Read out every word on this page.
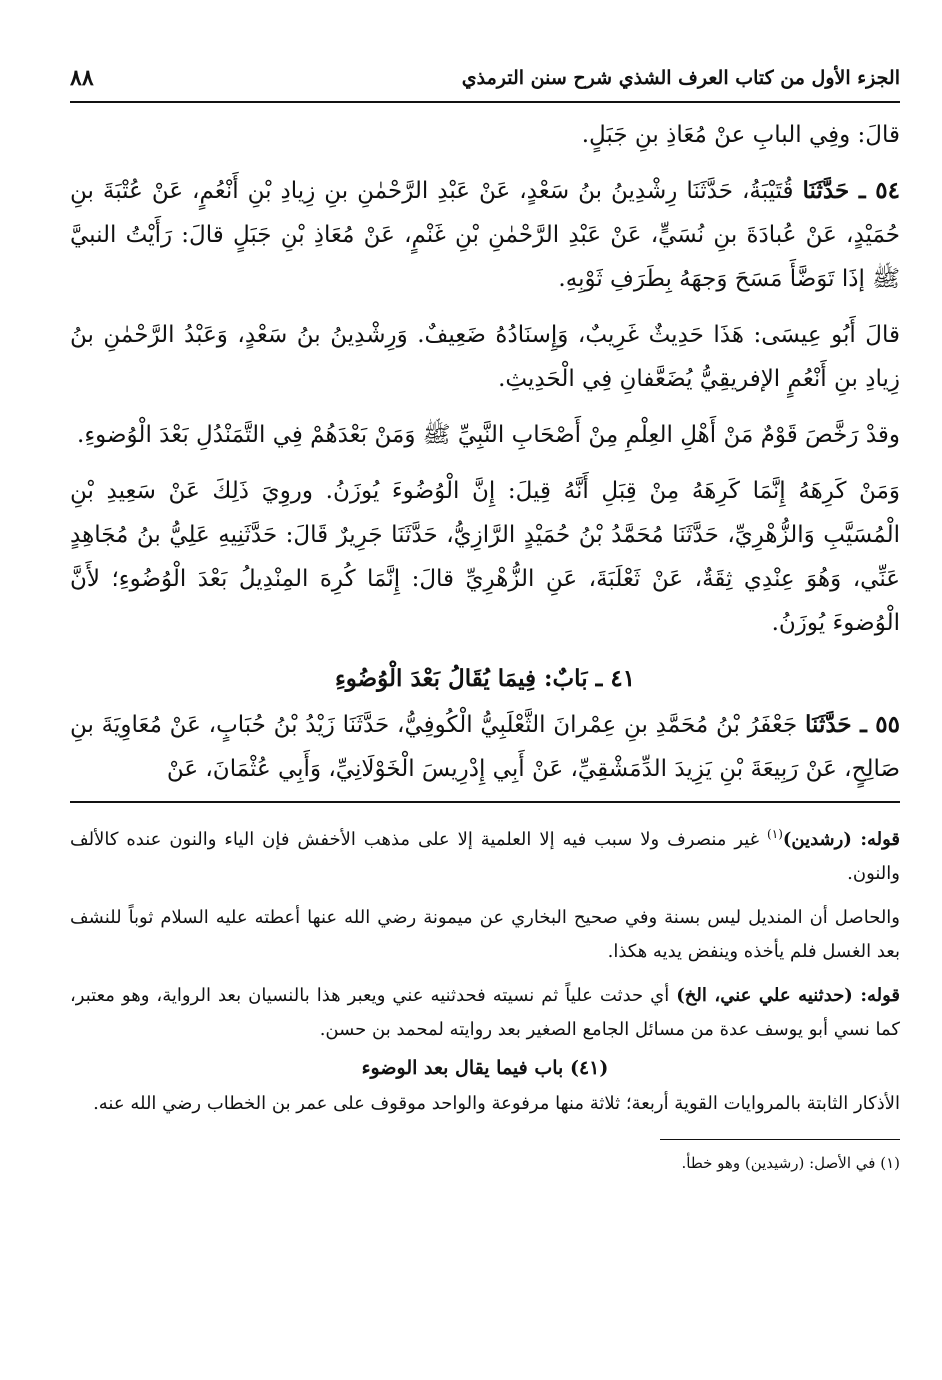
الجزء الأول من كتاب العرف الشذي شرح سنن الترمذي
٨٨

قالَ: وفِي البابِ عنْ مُعَاذِ بنِ جَبَلٍ.

٥٤ ـ حَدَّثَنَا قُتَيْبَةُ، حَدَّثَنَا رِشْدِينُ بنُ سَعْدٍ، عَنْ عَبْدِ الرَّحْمٰنِ بنِ زِيادِ بْنِ أَنْعُمٍ، عَنْ عُتْبَةَ بنِ حُمَيْدٍ، عَنْ عُبادَةَ بنِ نُسَيٍّ، عَنْ عَبْدِ الرَّحْمٰنِ بْنِ غَنْمٍ، عَنْ مُعَاذِ بْنِ جَبَلٍ قالَ: رَأَيْتُ النبيَّ ﷺ إذَا تَوَضَّأَ مَسَحَ وَجهَهُ بِطَرَفِ ثَوْبِهِ.

قالَ أَبُو عِيسَى: هَذَا حَدِيثٌ غَرِيبٌ، وَإِسنَادُهُ ضَعِيفٌ. وَرِشْدِينُ بنُ سَعْدٍ، وَعَبْدُ الرَّحْمٰنِ بنُ زِيادِ بنِ أَنْعُمٍ الإفريقِيُّ يُضَعَّفانِ فِي الْحَدِيثِ.

وقدْ رَخَّصَ قَوْمٌ مَنْ أَهْلِ العِلْمِ مِنْ أَصْحَابِ النَّبِيِّ ﷺ وَمَنْ بَعْدَهُمْ فِي التَّمَنْدُلِ بَعْدَ الْوُضوءِ.

وَمَنْ كَرِهَهُ إِنَّمَا كَرِهَهُ مِنْ قِبَلِ أَنَّهُ قِيلَ: إِنَّ الْوُضُوءَ يُوزَنُ. وروِيَ ذَلِكَ عَنْ سَعِيدِ بْنِ الْمُسَيَّبِ وَالزُّهْرِيِّ، حَدَّثَنَا مُحَمَّدُ بْنُ حُمَيْدٍ الرَّازِيُّ، حَدَّثَنَا جَرِيرٌ قَالَ: حَدَّثَنِيهِ عَلِيُّ بنُ مُجَاهِدٍ عَنِّي، وَهُوَ عِنْدِي ثِقَةٌ، عَنْ ثَعْلَبَةَ، عَنِ الزُّهْرِيِّ قالَ: إِنَّمَا كُرِهَ المِنْدِيلُ بَعْدَ الْوُضُوءِ؛ لأَنَّ الْوُضوءَ يُوزَنُ.

٤١ ـ بَابٌ: فِيمَا يُقَالُ بَعْدَ الْوُضُوءِ

٥٥ ـ حَدَّثَنَا جَعْفَرُ بْنُ مُحَمَّدِ بنِ عِمْرانَ الثَّعْلَبِيُّ الْكُوفِيُّ، حَدَّثَنَا زَيْدُ بْنُ حُبَابٍ، عَنْ مُعَاوِيَةَ بنِ صَالِحٍ، عَنْ رَبِيعَةَ بْنِ يَزِيدَ الدِّمَشْقِيِّ، عَنْ أَبِي إِدْرِيسَ الْخَوْلَانِيِّ، وَأَبِي عُثْمَانَ، عَنْ

قوله: (رشدين)$^{(١)}$ غير منصرف ولا سبب فيه إلا العلمية إلا على مذهب الأخفش فإن الياء والنون عنده كالألف والنون.

والحاصل أن المنديل ليس بسنة وفي صحيح البخاري عن ميمونة رضي الله عنها أعطته عليه السلام ثوباً للنشف بعد الغسل فلم يأخذه وينفض يديه هكذا.

قوله: (حدثنيه علي عني، الخ) أي حدثت علياً ثم نسيته فحدثنيه عني ويعبر هذا بالنسيان بعد الرواية، وهو معتبر، كما نسي أبو يوسف عدة من مسائل الجامع الصغير بعد روايته لمحمد بن حسن.

(٤١) باب فيما يقال بعد الوضوء

الأذكار الثابتة بالمروايات القوية أربعة؛ ثلاثة منها مرفوعة والواحد موقوف على عمر بن الخطاب رضي الله عنه.

(١) في الأصل: (رشيدين) وهو خطأ.
